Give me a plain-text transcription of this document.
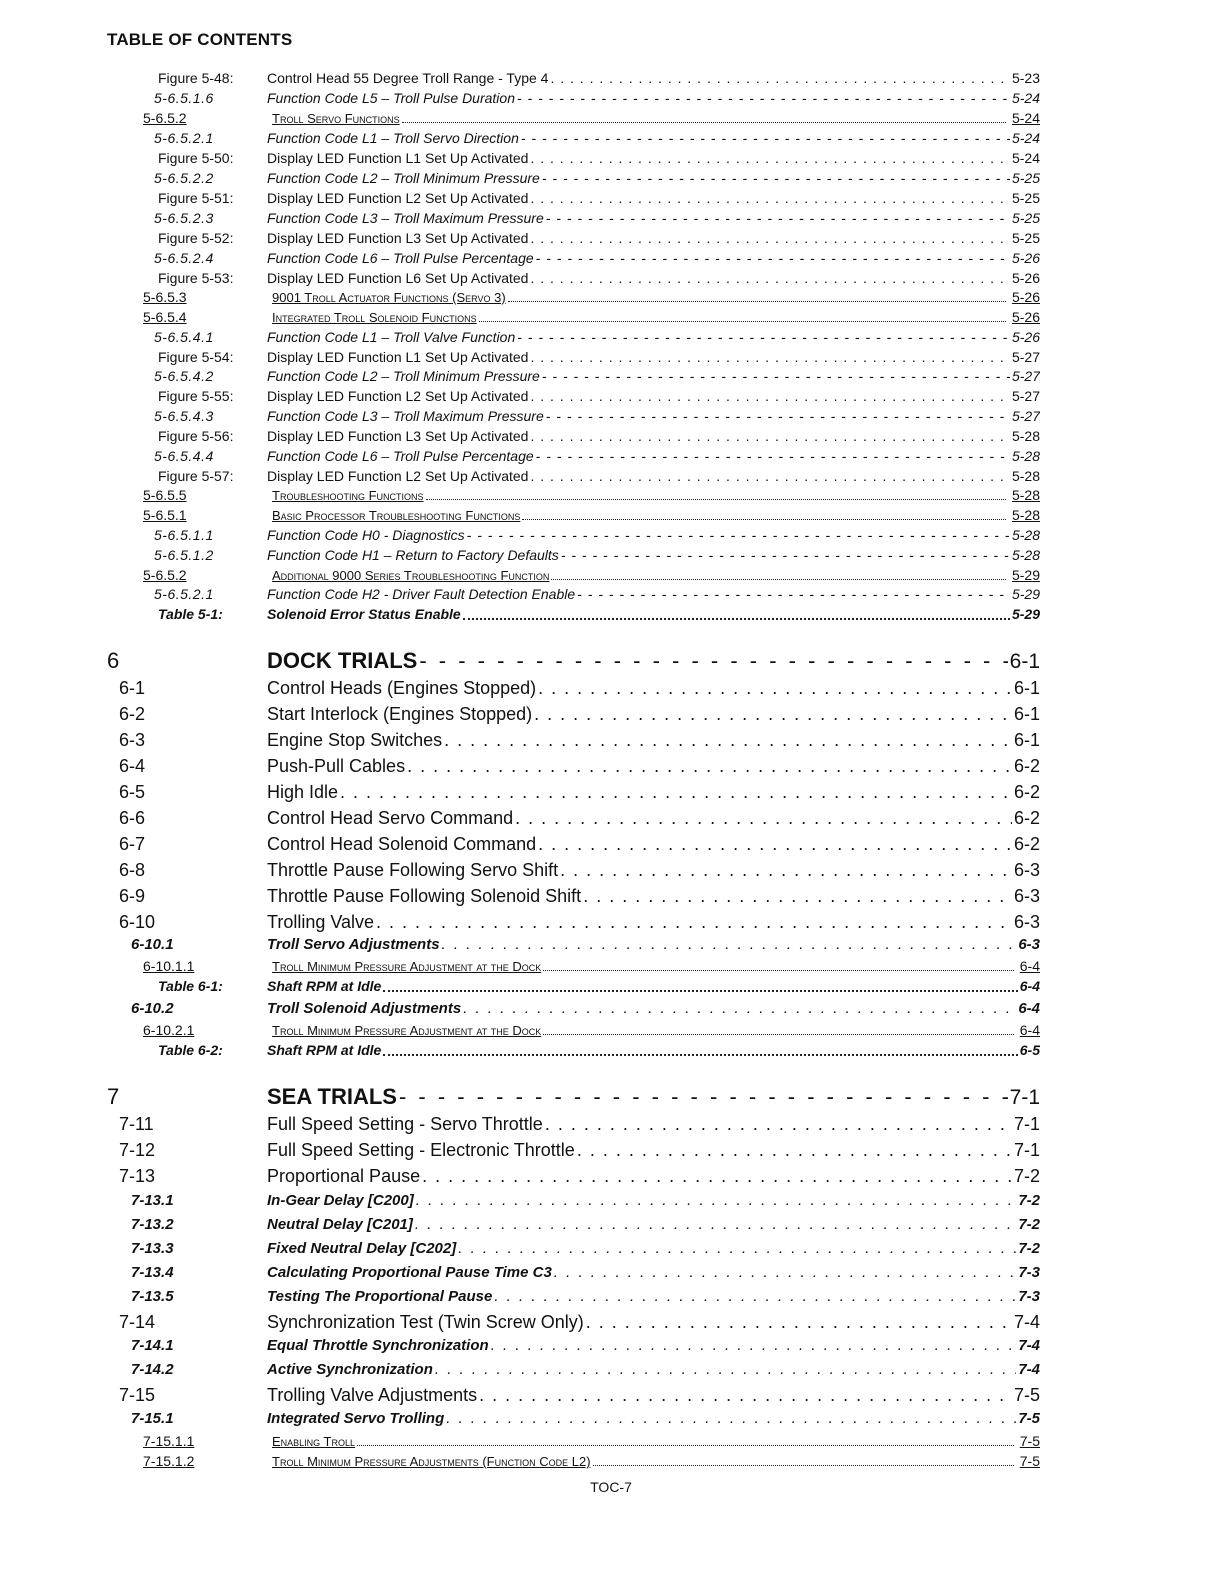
TABLE OF CONTENTS
Figure 5-48: Control Head 55 Degree Troll Range - Type 4 . . .	5-23
5-6.5.1.6	Function Code L5 – Troll Pulse Duration - - -	5-24
5-6.5.2	Troll Servo Functions	5-24
5-6.5.2.1	Function Code L1 – Troll Servo Direction - - -	5-24
Figure 5-50: Display LED Function L1 Set Up Activated . . .	5-24
5-6.5.2.2	Function Code L2 – Troll Minimum Pressure - - -	5-25
Figure 5-51: Display LED Function L2 Set Up Activated . . .	5-25
5-6.5.2.3	Function Code L3 – Troll Maximum Pressure - - -	5-25
Figure 5-52: Display LED Function L3 Set Up Activated . . .	5-25
5-6.5.2.4	Function Code L6 – Troll Pulse Percentage - - -	5-26
Figure 5-53: Display LED Function L6 Set Up Activated . . .	5-26
5-6.5.3	9001 Troll Actuator Functions (Servo 3)	5-26
5-6.5.4	Integrated Troll Solenoid Functions	5-26
5-6.5.4.1	Function Code L1 – Troll Valve Function - - -	5-26
Figure 5-54: Display LED Function L1 Set Up Activated . . .	5-27
5-6.5.4.2	Function Code L2 – Troll Minimum Pressure - - -	5-27
Figure 5-55: Display LED Function L2 Set Up Activated . . .	5-27
5-6.5.4.3	Function Code L3 – Troll Maximum Pressure - - -	5-27
Figure 5-56: Display LED Function L3 Set Up Activated . . .	5-28
5-6.5.4.4	Function Code L6 – Troll Pulse Percentage - - -	5-28
Figure 5-57: Display LED Function L2 Set Up Activated . . .	5-28
5-6.5.5	Troubleshooting Functions	5-28
5-6.5.1	Basic Processor Troubleshooting Functions	5-28
5-6.5.1.1	Function Code H0 - Diagnostics - - -	5-28
5-6.5.1.2	Function Code H1 – Return to Factory Defaults - - -	5-28
5-6.5.2	Additional 9000 Series Troubleshooting Function	5-29
5-6.5.2.1	Function Code H2 - Driver Fault Detection Enable - - -	5-29
Table 5-1:	Solenoid Error Status Enable	5-29
6	DOCK TRIALS - - -	6-1
6-1	Control Heads (Engines Stopped) . . .	6-1
6-2	Start Interlock (Engines Stopped) . . .	6-1
6-3	Engine Stop Switches . . .	6-1
6-4	Push-Pull Cables . . .	6-2
6-5	High Idle . . .	6-2
6-6	Control Head Servo Command . . .	6-2
6-7	Control Head Solenoid Command . . .	6-2
6-8	Throttle Pause Following Servo Shift . . .	6-3
6-9	Throttle Pause Following Solenoid Shift . . .	6-3
6-10	Trolling Valve . . .	6-3
6-10.1	Troll Servo Adjustments . . .	6-3
6-10.1.1	Troll Minimum Pressure Adjustment at the Dock	6-4
Table 6-1:	Shaft RPM at Idle	6-4
6-10.2	Troll Solenoid Adjustments . . .	6-4
6-10.2.1	Troll Minimum Pressure Adjustment at the Dock	6-4
Table 6-2:	Shaft RPM at Idle	6-5
7	SEA TRIALS - - -	7-1
7-11	Full Speed Setting - Servo Throttle . . .	7-1
7-12	Full Speed Setting - Electronic Throttle . . .	7-1
7-13	Proportional Pause . . .	7-2
7-13.1	In-Gear Delay [C200] . . .	7-2
7-13.2	Neutral Delay [C201] . . .	7-2
7-13.3	Fixed Neutral Delay [C202] . . .	7-2
7-13.4	Calculating Proportional Pause Time C3 . . .	7-3
7-13.5	Testing The Proportional Pause . . .	7-3
7-14	Synchronization Test (Twin Screw Only) . . .	7-4
7-14.1	Equal Throttle Synchronization . . .	7-4
7-14.2	Active Synchronization . . .	7-4
7-15	Trolling Valve Adjustments . . .	7-5
7-15.1	Integrated Servo Trolling . . .	7-5
7-15.1.1	Enabling Troll	7-5
7-15.1.2	Troll Minimum Pressure Adjustments (Function Code L2)	7-5
TOC-7
